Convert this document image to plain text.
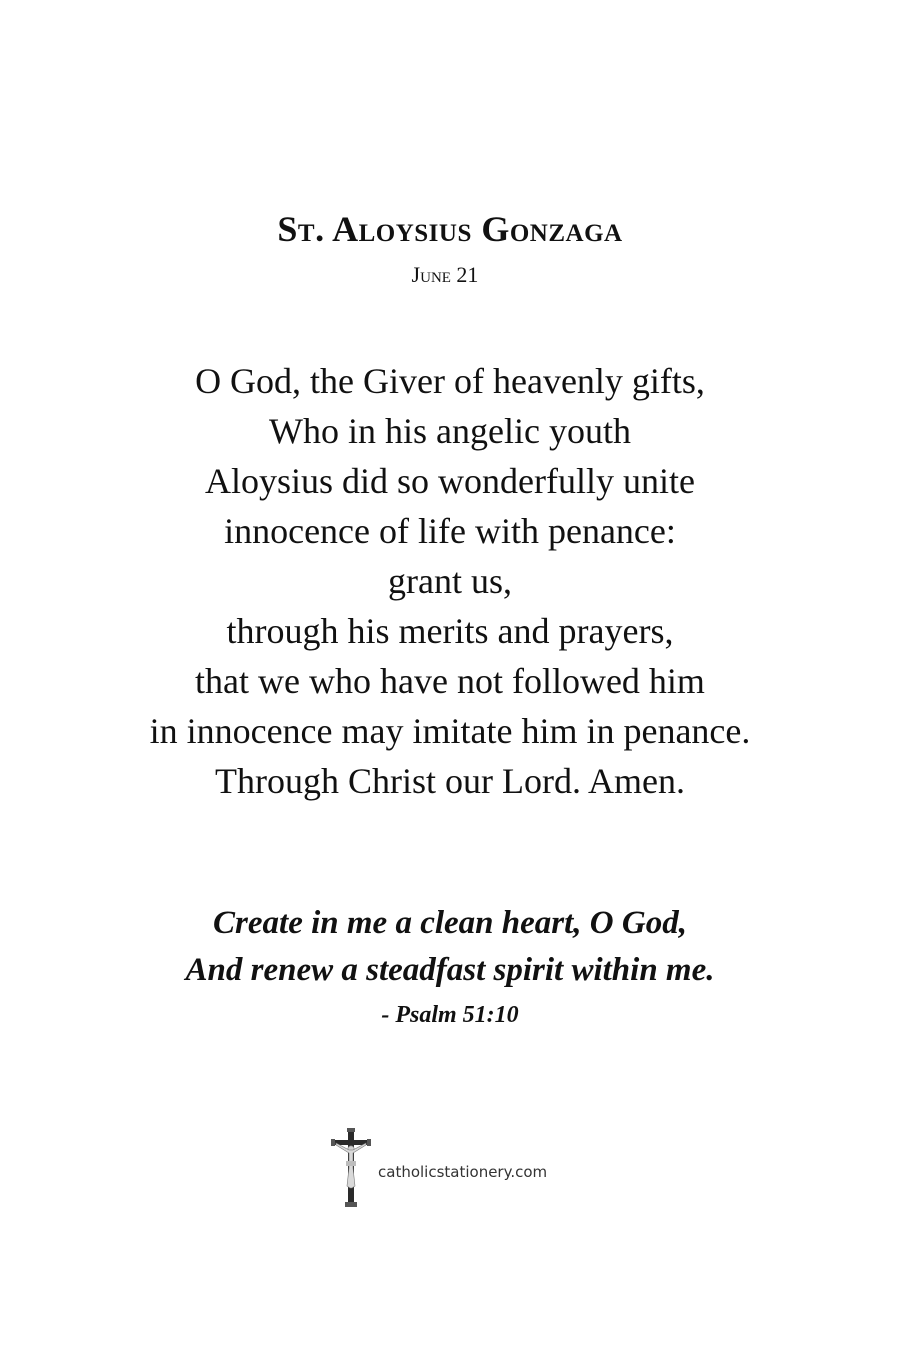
St. Aloysius Gonzaga
June 21
O God, the Giver of heavenly gifts,
Who in his angelic youth
Aloysius did so wonderfully unite
innocence of life with penance:
grant us,
through his merits and prayers,
that we who have not followed him
in innocence may imitate him in penance.
Through Christ our Lord. Amen.
Create in me a clean heart, O God,
And renew a steadfast spirit within me.
- Psalm 51:10
catholicstationery.com
